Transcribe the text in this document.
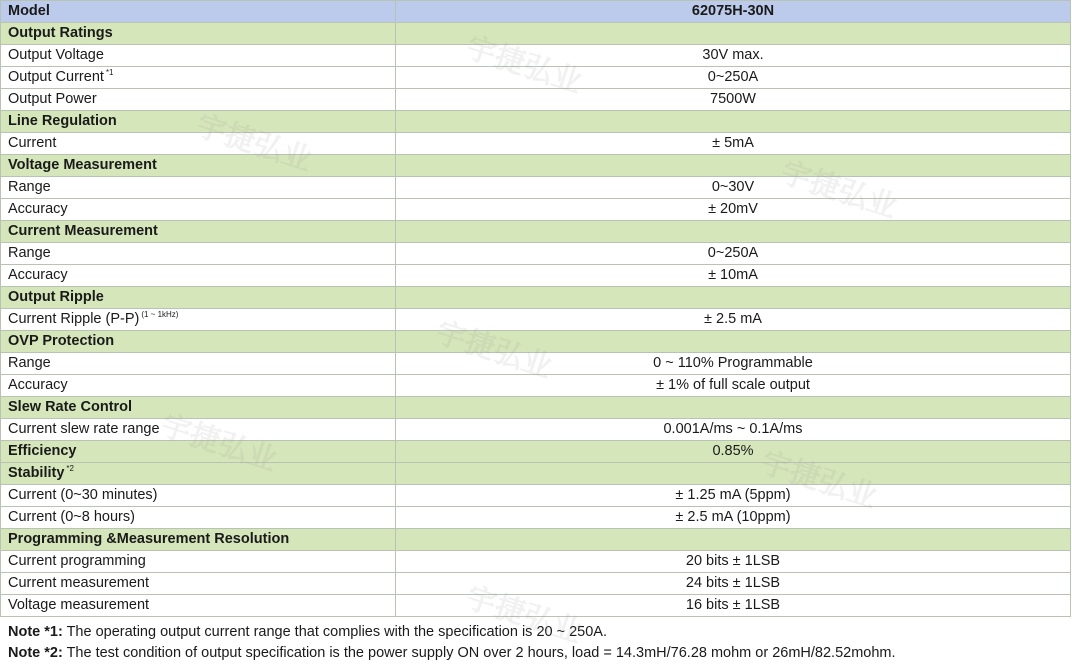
Model	62075H-30N
Output Ratings	
Output Voltage	30V max.
Output Current $^{*1}$	0~250A
Output Power	7500W
Line Regulation	
Current	± 5mA
Voltage Measurement	
Range	0~30V
Accuracy	± 20mV
Current Measurement	
Range	0~250A
Accuracy	± 10mA
Output Ripple	
Current Ripple (P-P) $^{(1 \sim 1kHz)}$	± 2.5 mA
OVP Protection	
Range	0 ~ 110% Programmable
Accuracy	± 1% of full scale output
Slew Rate Control	
Current slew rate range	0.001A/ms ~ 0.1A/ms
Efficiency	0.85%
Stability $^{*2}$	
Current (0~30 minutes)	± 1.25 mA (5ppm)
Current (0~8 hours)	± 2.5 mA (10ppm)
Programming &Measurement Resolution	
Current programming	20 bits ± 1LSB
Current measurement	24 bits ± 1LSB
Voltage measurement	16 bits ± 1LSB
Note *1: The operating output current range that complies with the specification is 20 ~ 250A.
Note *2: The test condition of output specification is the power supply ON over 2 hours, load = 14.3mH/76.28 mohm or 26mH/82.52mohm.
